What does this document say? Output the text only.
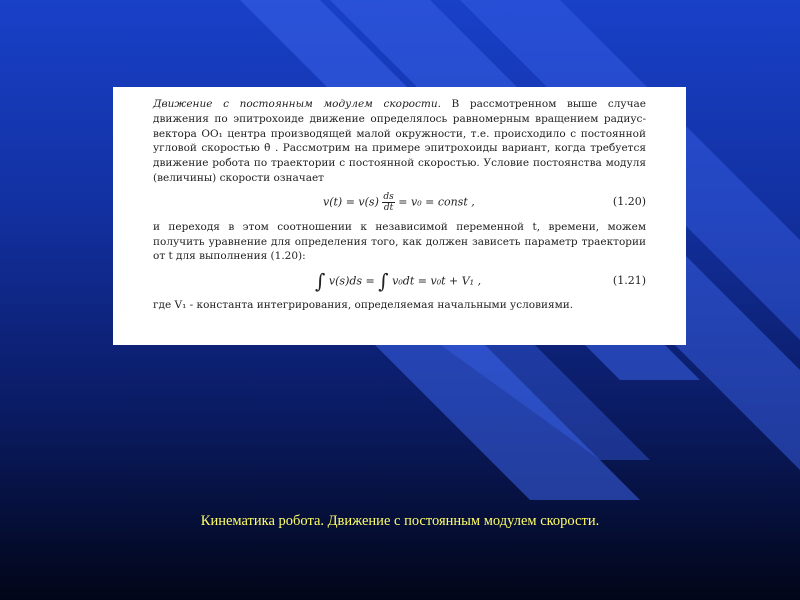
Движение с постоянным модулем скорости. В рассмотренном выше случае движения по эпитрохоиде движение определялось равномерным вращением радиус-вектора OO₁ центра производящей малой окружности, т.е. происходило с постоянной угловой скоростью θ̇ . Рассмотрим на примере эпитрохоиды вариант, когда требуется движение робота по траектории с постоянной скоростью. Условие постоянства модуля (величины) скорости означает

$v(t) = v(s) \frac{ds}{dt} = v_0$ = const ,	(1.20)

и переходя в этом соотношении к независимой переменной t, времени, можем получить уравнение для определения того, как должен зависеть параметр траектории от t для выполнения (1.20):

∫ v(s)ds = ∫ v₀dt = v₀t + V₁ ,	(1.21)

где V₁ - константа интегрирования, определяемая начальными условиями.

Кинематика робота. Движение с постоянным модулем скорости.
